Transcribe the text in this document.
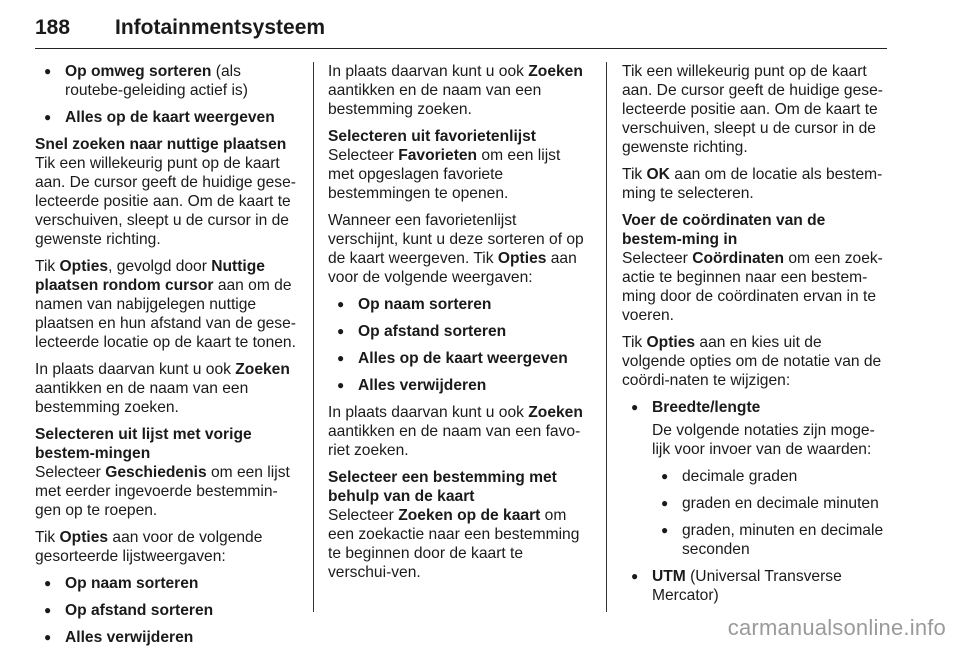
188 Infotainmentsysteem
● Op omweg sorteren (als routebe-geleiding actief is)
● Alles op de kaart weergeven

Snel zoeken naar nuttige plaatsen

Tik een willekeurig punt op de kaart aan. De cursor geeft de huidige gese-lecteerde positie aan. Om de kaart te verschuiven, sleept u de cursor in de gewenste richting.

Tik Opties, gevolgd door Nuttige plaatsen rondom cursor aan om de namen van nabijgelegen nuttige plaatsen en hun afstand van de gese-lecteerde locatie op de kaart te tonen.

In plaats daarvan kunt u ook Zoeken aantikken en de naam van een bestemming zoeken.

Selecteren uit lijst met vorige bestem-mingen

Selecteer Geschiedenis om een lijst met eerder ingevoerde bestemmin-gen op te roepen.

Tik Opties aan voor de volgende gesorteerde lijstweergaven:

● Op naam sorteren
● Op afstand sorteren
● Alles verwijderen

In plaats daarvan kunt u ook Zoeken aantikken en de naam van een bestemming zoeken.

Selecteren uit favorietenlijst

Selecteer Favorieten om een lijst met opgeslagen favoriete bestemmingen te openen.

Wanneer een favorietenlijst verschijnt, kunt u deze sorteren of op de kaart weergeven. Tik Opties aan voor de volgende weergaven:

● Op naam sorteren
● Op afstand sorteren
● Alles op de kaart weergeven
● Alles verwijderen

In plaats daarvan kunt u ook Zoeken aantikken en de naam van een favo-riet zoeken.

Selecteer een bestemming met behulp van de kaart

Selecteer Zoeken op de kaart om een zoekactie naar een bestemming te beginnen door de kaart te verschui-ven.

Tik een willekeurig punt op de kaart aan. De cursor geeft de huidige gese-lecteerde positie aan. Om de kaart te verschuiven, sleept u de cursor in de gewenste richting.

Tik OK aan om de locatie als bestem-ming te selecteren.

Voer de coördinaten van de bestem-ming in

Selecteer Coördinaten om een zoek-actie te beginnen naar een bestem-ming door de coördinaten ervan in te voeren.

Tik Opties aan en kies uit de volgende opties om de notatie van de coördi-naten te wijzigen:

● Breedte/lengte
De volgende notaties zijn moge-lijk voor invoer van de waarden:
● decimale graden
● graden en decimale minuten
● graden, minuten en decimale seconden
● UTM (Universal Transverse Mercator)
carmanualsonline.info
